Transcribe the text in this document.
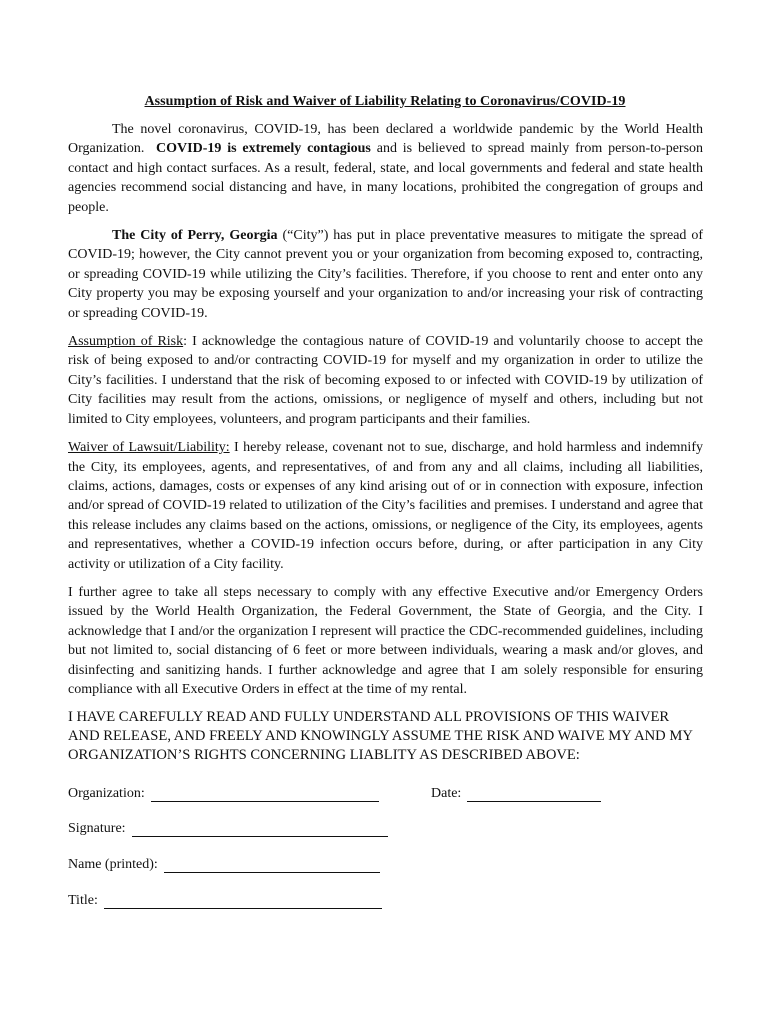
Assumption of Risk and Waiver of Liability Relating to Coronavirus/COVID-19

The novel coronavirus, COVID-19, has been declared a worldwide pandemic by the World Health Organization. COVID-19 is extremely contagious and is believed to spread mainly from person-to-person contact and high contact surfaces. As a result, federal, state, and local governments and federal and state health agencies recommend social distancing and have, in many locations, prohibited the congregation of groups and people.

The City of Perry, Georgia (“City”) has put in place preventative measures to mitigate the spread of COVID-19; however, the City cannot prevent you or your organization from becoming exposed to, contracting, or spreading COVID-19 while utilizing the City’s facilities. Therefore, if you choose to rent and enter onto any City property you may be exposing yourself and your organization to and/or increasing your risk of contracting or spreading COVID-19.

Assumption of Risk: I acknowledge the contagious nature of COVID-19 and voluntarily choose to accept the risk of being exposed to and/or contracting COVID-19 for myself and my organization in order to utilize the City’s facilities. I understand that the risk of becoming exposed to or infected with COVID-19 by utilization of City facilities may result from the actions, omissions, or negligence of myself and others, including but not limited to City employees, volunteers, and program participants and their families.

Waiver of Lawsuit/Liability: I hereby release, covenant not to sue, discharge, and hold harmless and indemnify the City, its employees, agents, and representatives, of and from any and all claims, including all liabilities, claims, actions, damages, costs or expenses of any kind arising out of or in connection with exposure, infection and/or spread of COVID-19 related to utilization of the City’s facilities and premises. I understand and agree that this release includes any claims based on the actions, omissions, or negligence of the City, its employees, agents and representatives, whether a COVID-19 infection occurs before, during, or after participation in any City activity or utilization of a City facility.

I further agree to take all steps necessary to comply with any effective Executive and/or Emergency Orders issued by the World Health Organization, the Federal Government, the State of Georgia, and the City. I acknowledge that I and/or the organization I represent will practice the CDC-recommended guidelines, including but not limited to, social distancing of 6 feet or more between individuals, wearing a mask and/or gloves, and disinfecting and sanitizing hands. I further acknowledge and agree that I am solely responsible for ensuring compliance with all Executive Orders in effect at the time of my rental.

I HAVE CAREFULLY READ AND FULLY UNDERSTAND ALL PROVISIONS OF THIS WAIVER AND RELEASE, AND FREELY AND KNOWINGLY ASSUME THE RISK AND WAIVE MY AND MY ORGANIZATION’S RIGHTS CONCERNING LIABLITY AS DESCRIBED ABOVE:

Organization:	Date:
Signature:
Name (printed):
Title:
